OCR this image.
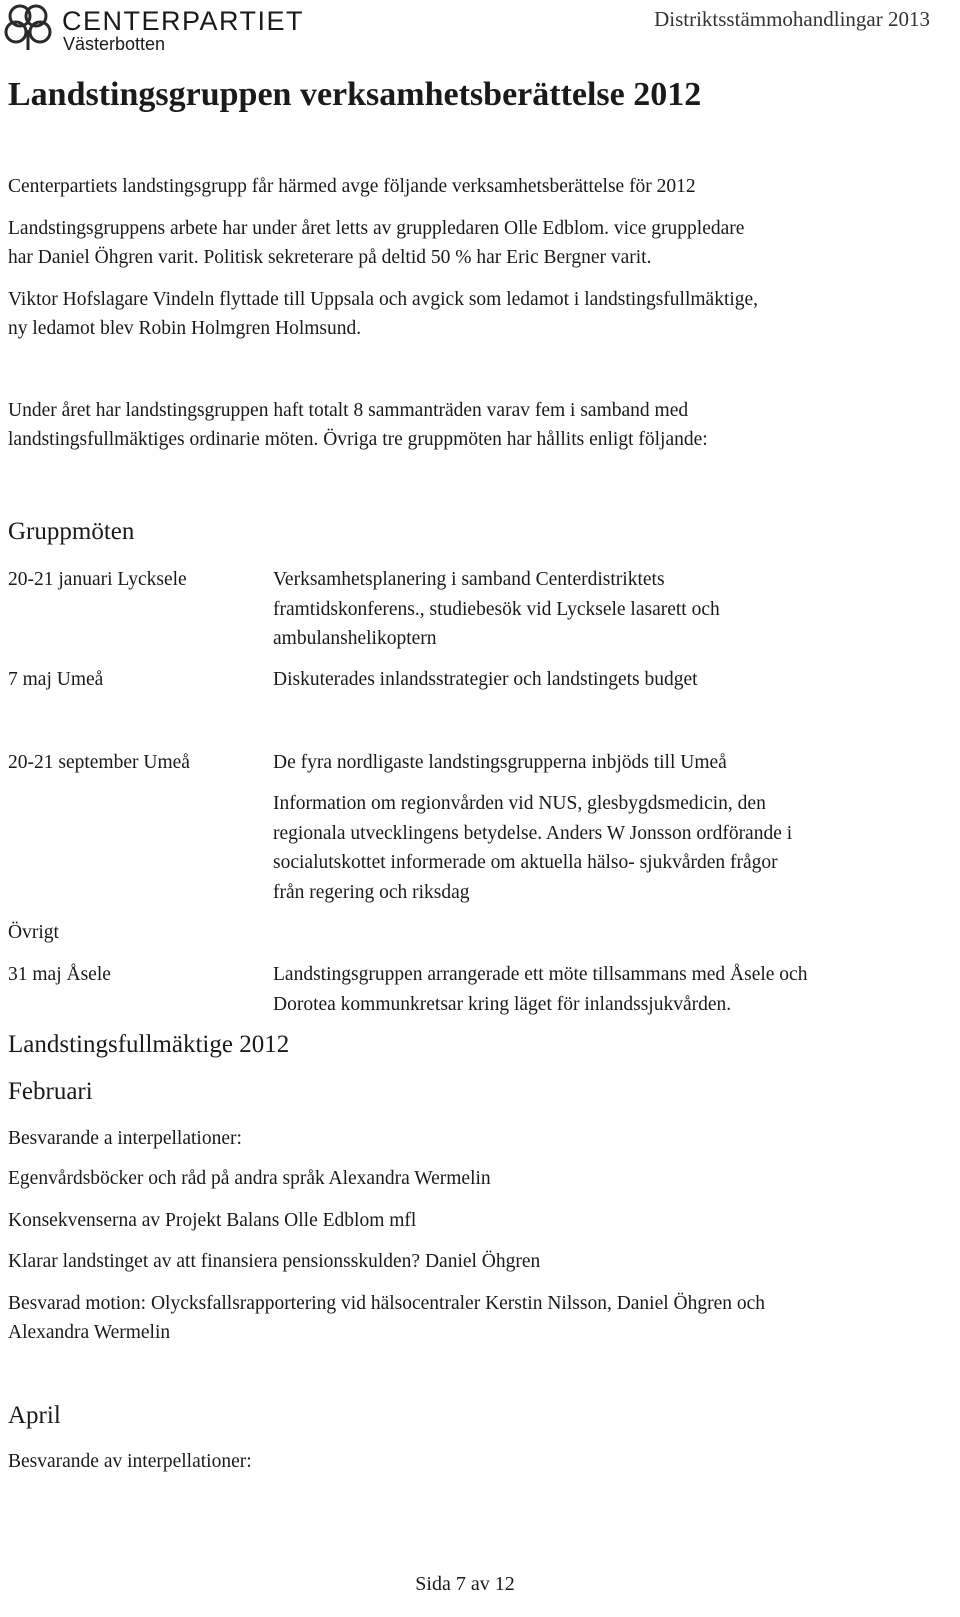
CENTERPARTIET
Västerbotten
Distriktsstämmohandlingar 2013
Landstingsgruppen verksamhetsberättelse 2012
Centerpartiets landstingsgrupp får härmed avge följande verksamhetsberättelse för 2012
Landstingsgruppens arbete har under året letts av gruppledaren Olle Edblom. vice gruppledare
har Daniel Öhgren varit. Politisk sekreterare på deltid 50 % har Eric Bergner varit.
Viktor Hofslagare Vindeln flyttade till Uppsala och avgick som ledamot i landstingsfullmäktige,
ny ledamot blev Robin Holmgren Holmsund.
Under året har landstingsgruppen haft totalt 8 sammanträden varav fem i samband med
landstingsfullmäktiges ordinarie möten. Övriga tre gruppmöten har hållits enligt följande:
Gruppmöten
20-21 januari Lycksele	Verksamhetsplanering i samband Centerdistriktets
framtidskonferens., studiebesök vid Lycksele lasarett och
ambulanshelikoptern
7 maj Umeå	Diskuterades inlandsstrategier och landstingets budget
20-21 september Umeå	De fyra nordligaste landstingsgrupperna inbjöds till Umeå
Information om regionvården vid NUS, glesbygdsmedicin, den
regionala utvecklingens betydelse. Anders W Jonsson ordförande i
socialutskottet informerade om aktuella hälso- sjukvården frågor
från regering och riksdag
Övrigt
31 maj Åsele	Landstingsgruppen arrangerade ett möte tillsammans med Åsele och
Dorotea kommunkretsar kring läget för inlandssjukvården.
Landstingsfullmäktige 2012
Februari
Besvarande a interpellationer:
Egenvårdsböcker och råd på andra språk Alexandra Wermelin
Konsekvenserna av Projekt Balans Olle Edblom mfl
Klarar landstinget av att finansiera pensionsskulden? Daniel Öhgren
Besvarad motion: Olycksfallsrapportering vid hälsocentraler Kerstin Nilsson, Daniel Öhgren och
Alexandra Wermelin
April
Besvarande av interpellationer:
Sida 7 av 12
